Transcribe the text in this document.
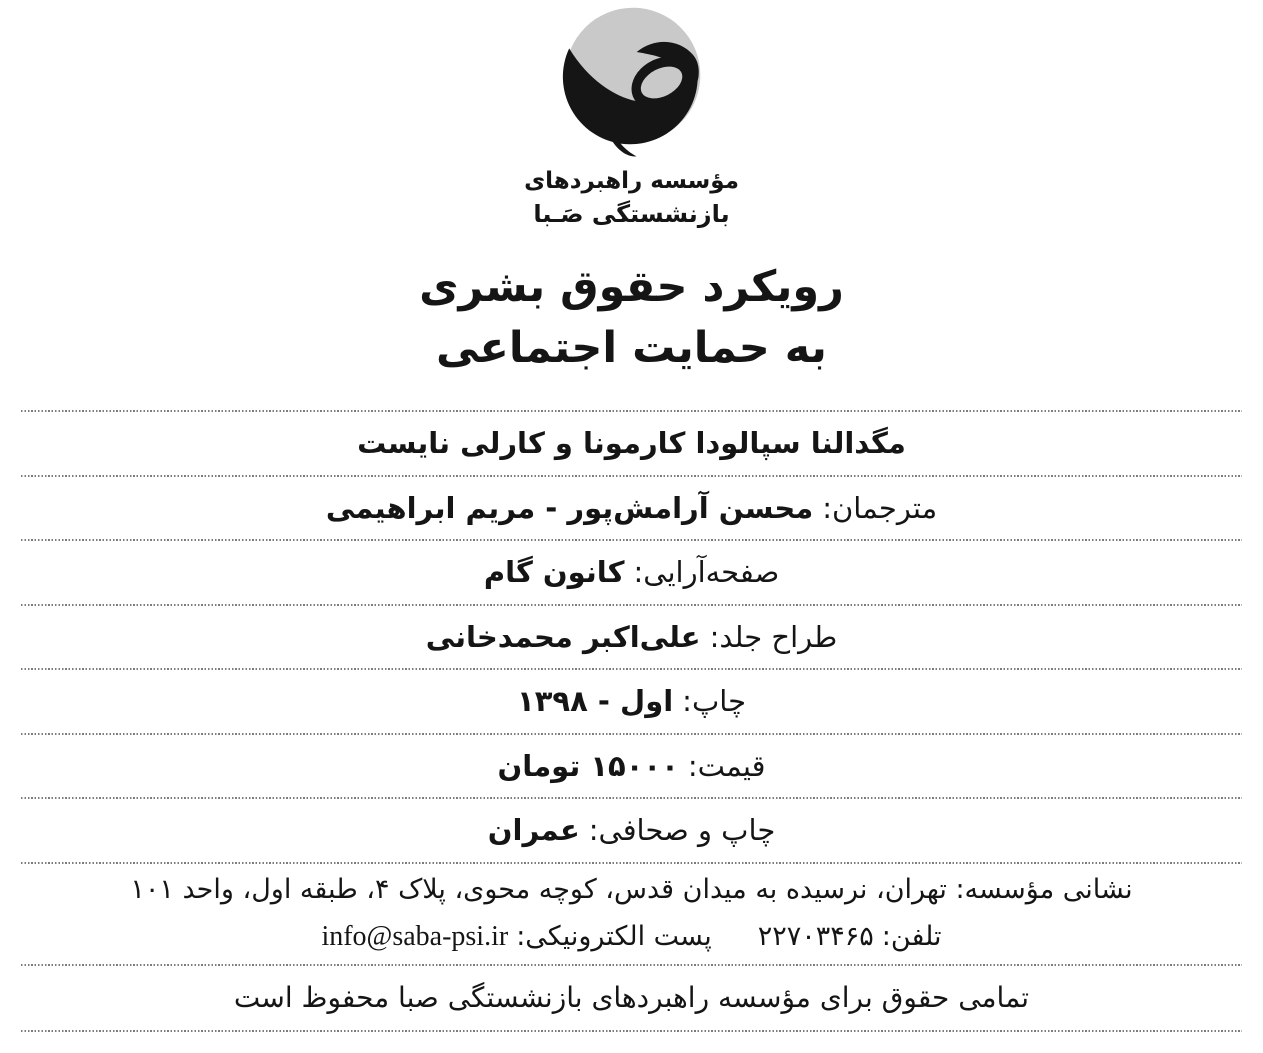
مؤسسه راهبردهای
بازنشستگی صَـبا
رویکرد حقوق بشری
به حمایت اجتماعی
مگدالنا سپالودا کارمونا و کارلی نایست
مترجمان:
محسن آرامش‌پور - مریم ابراهیمی
صفحه‌آرایی:
کانون گام
طراح جلد:
علی‌اکبر محمدخانی
چاپ:
اول - ۱۳۹۸
قیمت:
۱۵۰۰۰ تومان
چاپ و صحافی:
عمران
نشانی مؤسسه: تهران، نرسیده به میدان قدس، کوچه محوی، پلاک ۴، طبقه اول، واحد ۱۰۱
تلفن:
۲۲۷۰۳۴۶۵
پست الکترونیکی:
info@saba-psi.ir
تمامی حقوق برای مؤسسه راهبردهای بازنشستگی صبا محفوظ است
